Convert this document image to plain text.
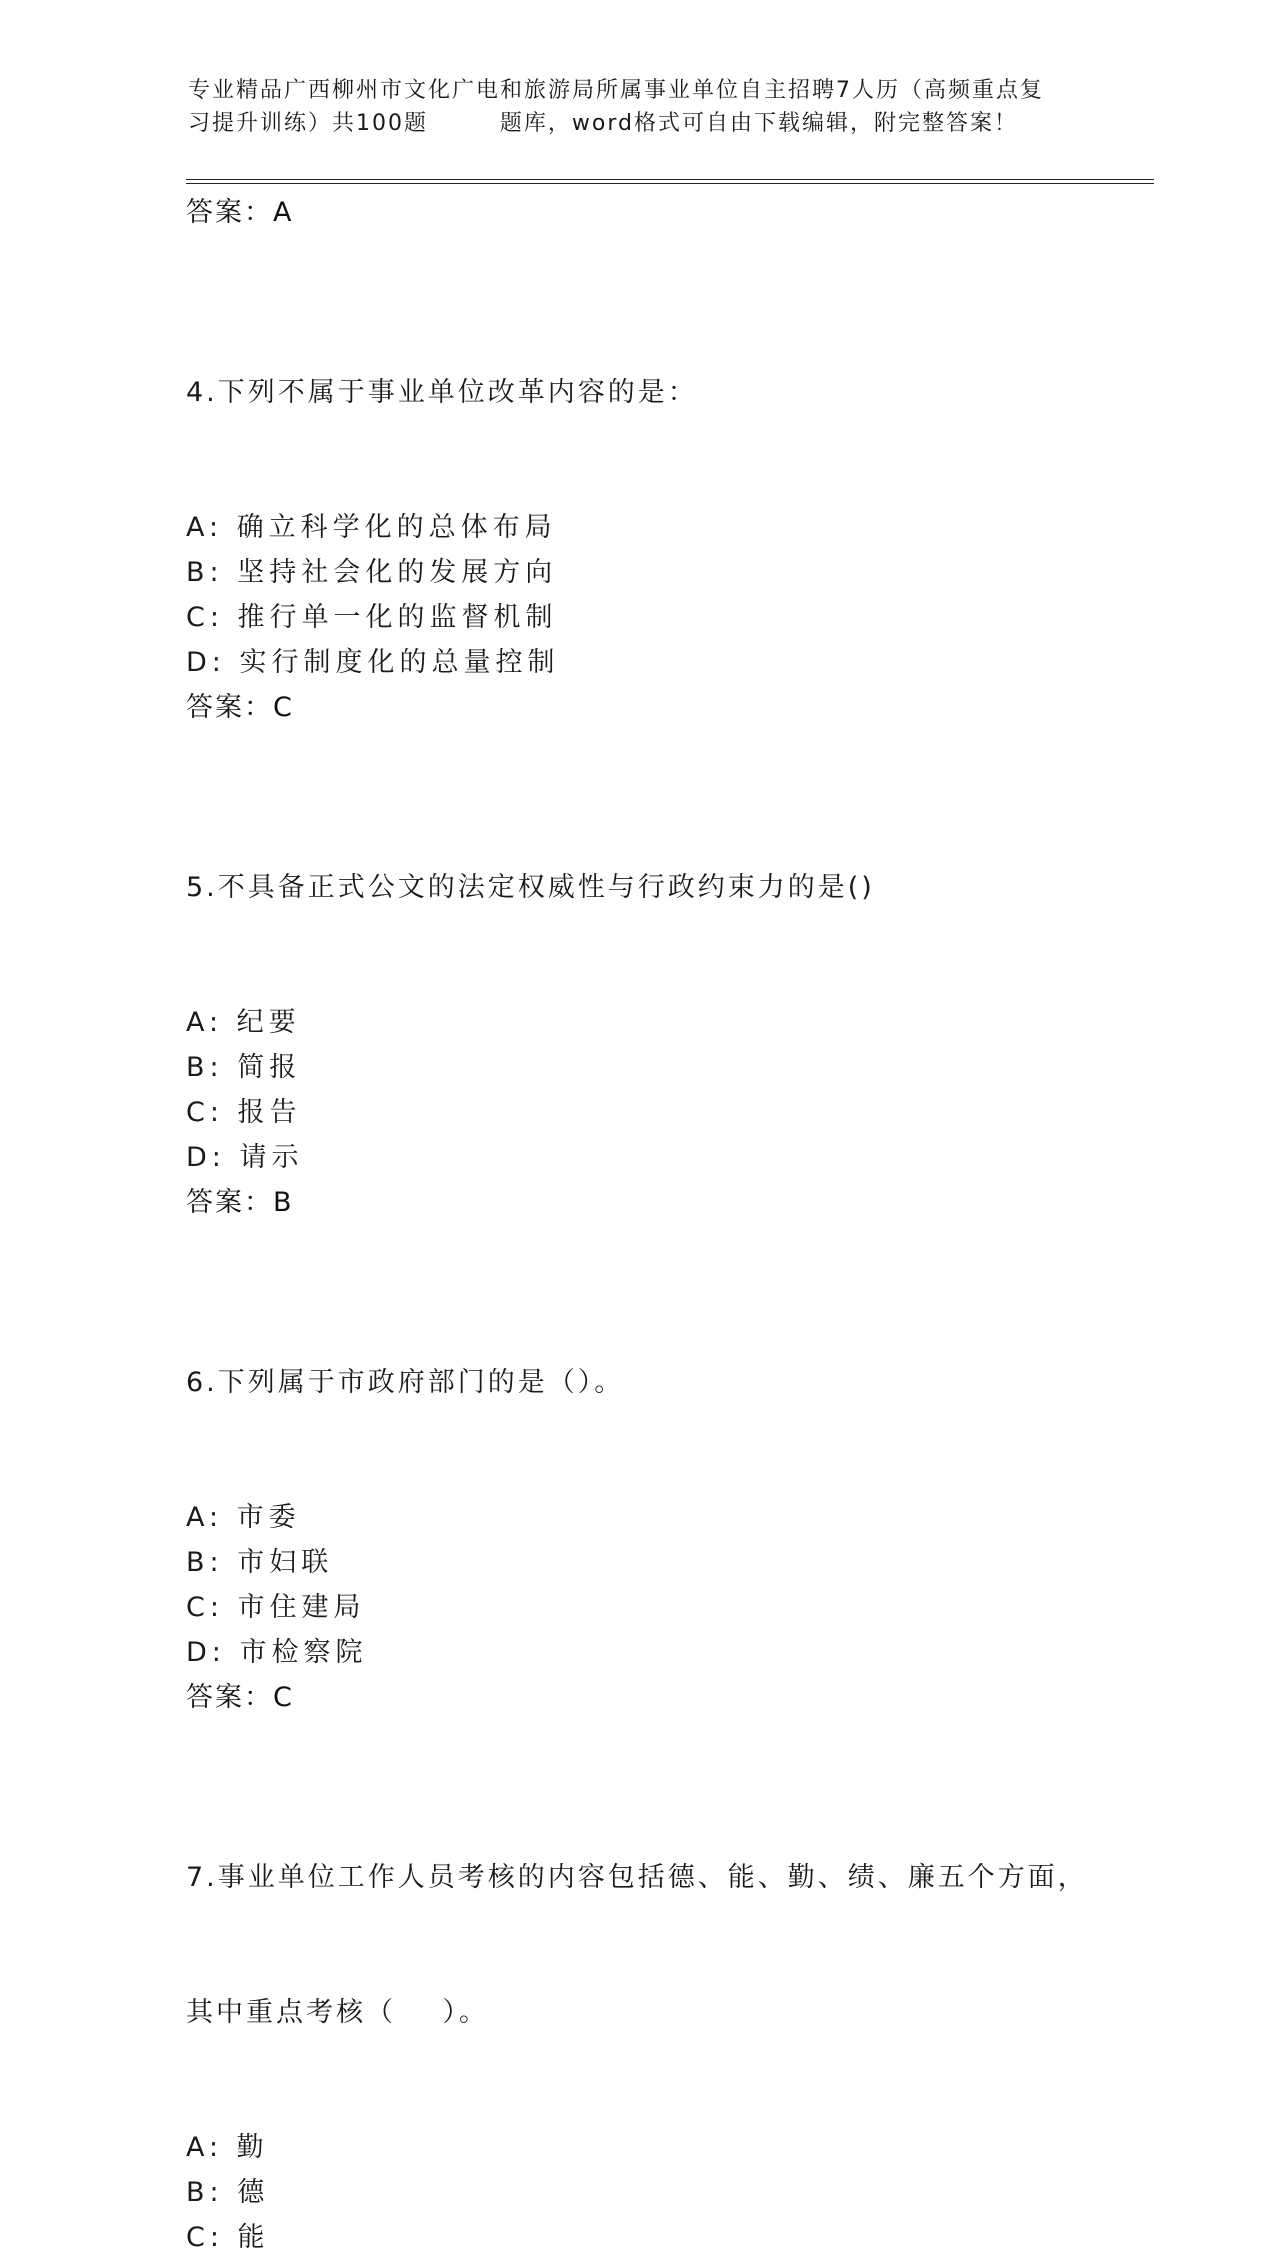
专业精品广西柳州市文化广电和旅游局所属事业单位自主招聘7人历（高频重点复
习提升训练）共100题        题库，word格式可自由下载编辑，附完整答案！
答案：A

4.下列不属于事业单位改革内容的是：

A: 确立科学化的总体布局
B: 坚持社会化的发展方向
C: 推行单一化的监督机制
D: 实行制度化的总量控制
答案：C

5.不具备正式公文的法定权威性与行政约束力的是()

A: 纪要
B: 简报
C: 报告
D: 请示
答案：B

6.下列属于市政府部门的是（）。

A: 市委
B: 市妇联
C: 市住建局
D: 市检察院
答案：C

7.事业单位工作人员考核的内容包括德、能、勤、绩、廉五个方面，

其中重点考核（    ）。

A: 勤
B: 德
C: 能
